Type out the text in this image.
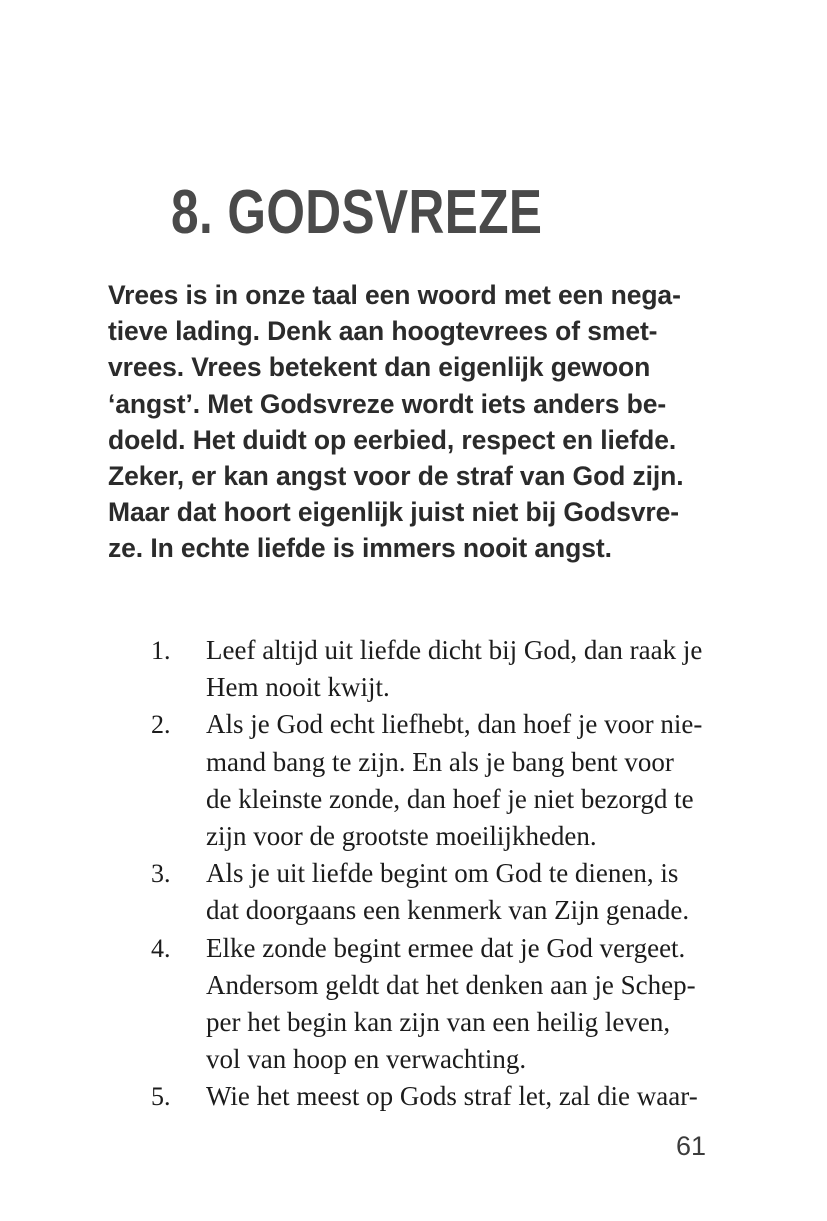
8. GODSVREZE
Vrees is in onze taal een woord met een nega-
tieve lading. Denk aan hoogtevrees of smet-
vrees. Vrees betekent dan eigenlijk gewoon
‘angst’. Met Godsvreze wordt iets anders be-
doeld. Het duidt op eerbied, respect en liefde.
Zeker, er kan angst voor de straf van God zijn.
Maar dat hoort eigenlijk juist niet bij Godsvre-
ze. In echte liefde is immers nooit angst.
1.	Leef altijd uit liefde dicht bij God, dan raak je
Hem nooit kwijt.
2.	Als je God echt liefhebt, dan hoef je voor nie-
mand bang te zijn. En als je bang bent voor
de kleinste zonde, dan hoef je niet bezorgd te
zijn voor de grootste moeilijkheden.
3.	Als je uit liefde begint om God te dienen, is
dat doorgaans een kenmerk van Zijn genade.
4.	Elke zonde begint ermee dat je God vergeet.
Andersom geldt dat het denken aan je Schep-
per het begin kan zijn van een heilig leven,
vol van hoop en verwachting.
5.	Wie het meest op Gods straf let, zal die waar-
61
